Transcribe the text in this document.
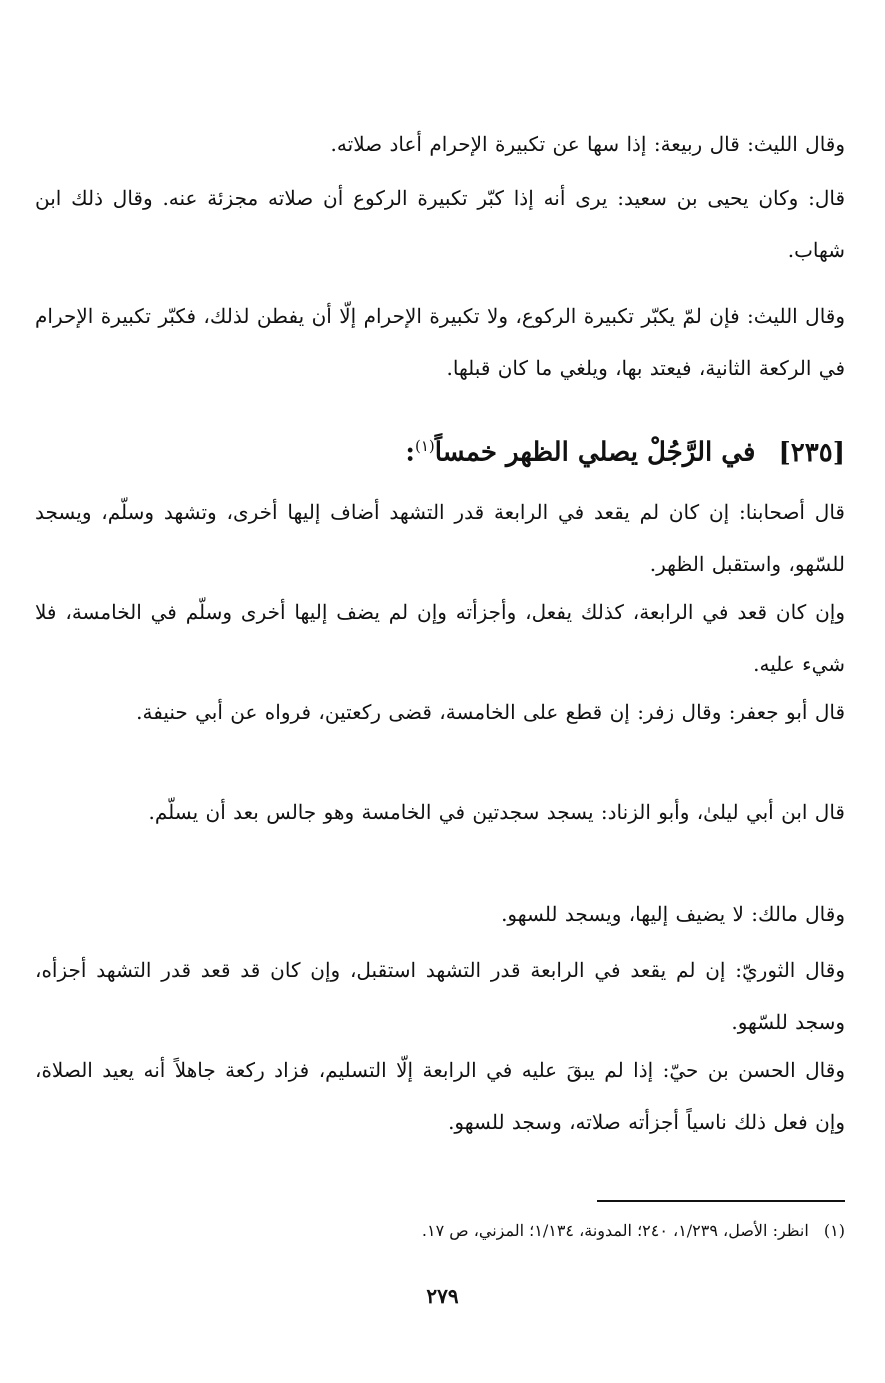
وقال الليث: قال ربيعة: إذا سها عن تكبيرة الإحرام أعاد صلاته.

قال: وكان يحيى بن سعيد: يرى أنه إذا كبّر تكبيرة الركوع أن صلاته مجزئة عنه. وقال ذلك ابن شهاب.

وقال الليث: فإن لمّ يكبّر تكبيرة الركوع، ولا تكبيرة الإحرام إلّا أن يفطن لذلك، فكبّر تكبيرة الإحرام في الركعة الثانية، فيعتد بها، ويلغي ما كان قبلها.

[٢٣٥] في الرَّجُلْ يصلي الظهر خمساً$^{(١)}$:

قال أصحابنا: إن كان لم يقعد في الرابعة قدر التشهد أضاف إليها أخرى، وتشهد وسلّم، ويسجد للسّهو، واستقبل الظهر.

وإن كان قعد في الرابعة، كذلك يفعل، وأجزأته وإن لم يضف إليها أخرى وسلّم في الخامسة، فلا شيء عليه.

قال أبو جعفر: وقال زفر: إن قطع على الخامسة، قضى ركعتين، فرواه عن أبي حنيفة.

قال ابن أبي ليلىٰ، وأبو الزناد: يسجد سجدتين في الخامسة وهو جالس بعد أن يسلّم.

وقال مالك: لا يضيف إليها، ويسجد للسهو.

وقال الثوريّ: إن لم يقعد في الرابعة قدر التشهد استقبل، وإن كان قد قعد قدر التشهد أجزأه، وسجد للسّهو.

وقال الحسن بن حيّ: إذا لم يبقَ عليه في الرابعة إلّا التسليم، فزاد ركعة جاهلاً أنه يعيد الصلاة، وإن فعل ذلك ناسياً أجزأته صلاته، وسجد للسهو.

(١) انظر: الأصل، ١/٢٣٩، ٢٤٠؛ المدونة، ١/١٣٤؛ المزني، ص ١٧.

٢٧٩
